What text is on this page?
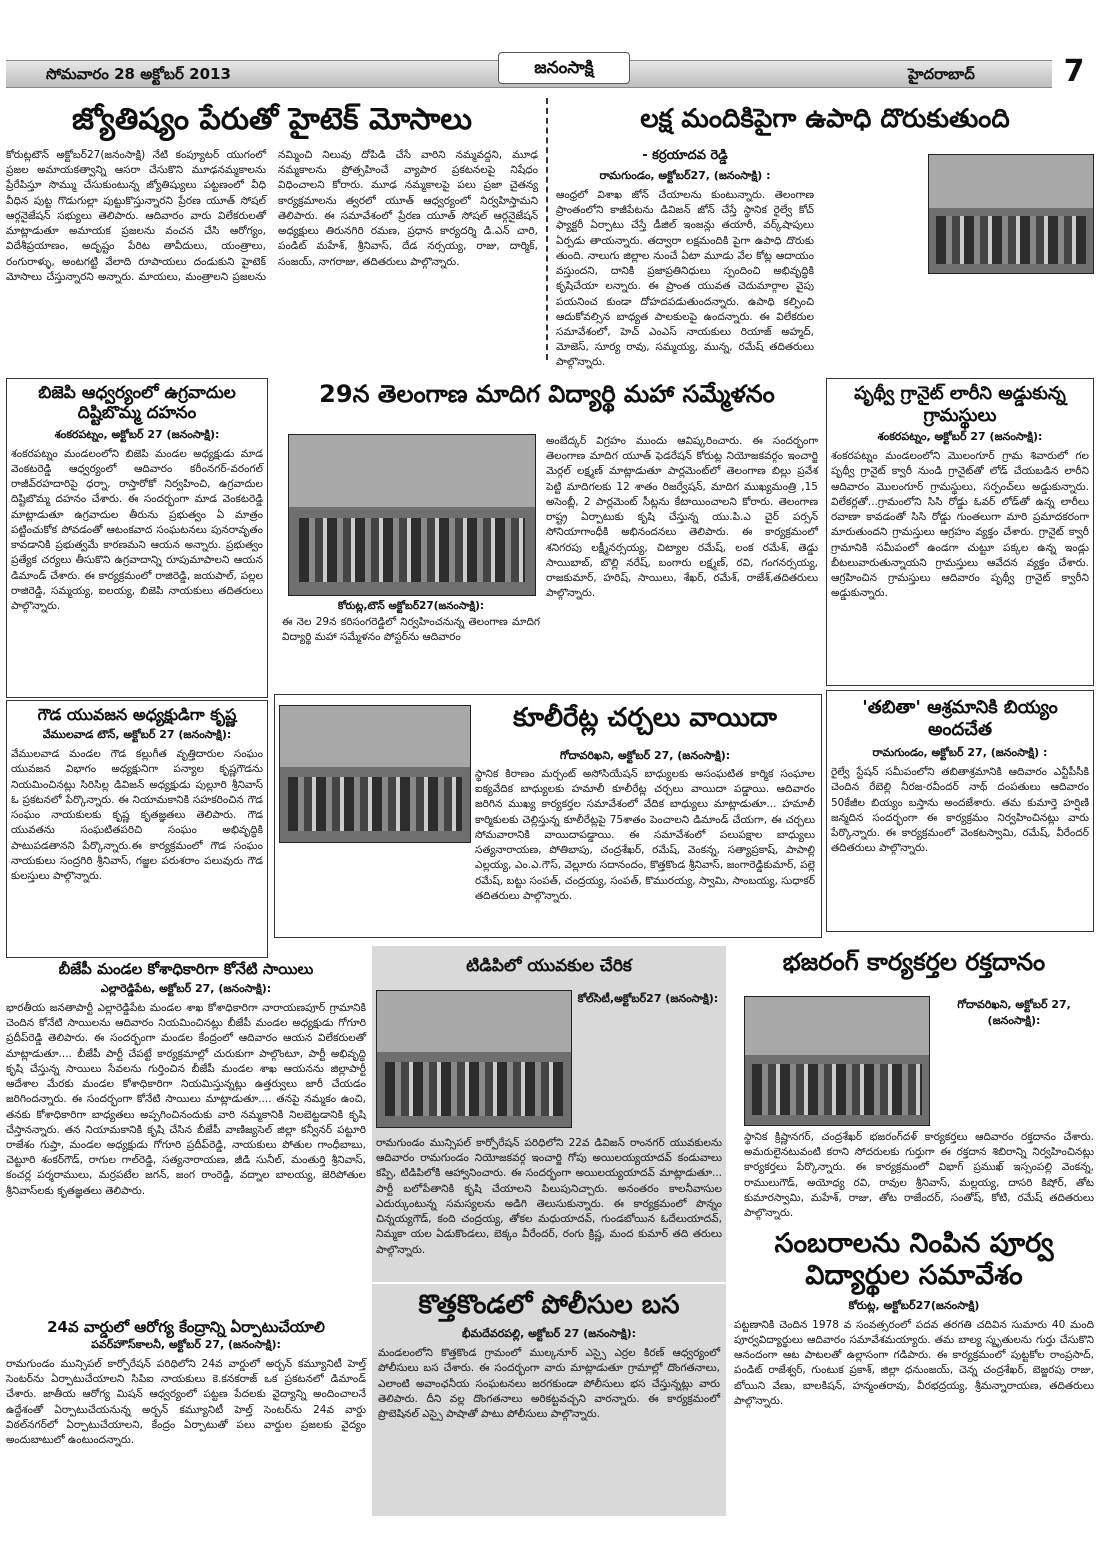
సోమవారం 28 అక్టోబర్ 2013	జనంసాక్షి	హైదరాబాద్	7
జ్యోతిష్యం పేరుతో హైటెక్ మోసాలు

కోరుట్లటౌన్ అక్టోబర్27(జనంసాక్షి) నేటి కంప్యూటర్ యుగంలో ప్రజల అమాయకత్వాన్ని ఆసరా చేసుకొని మూఢనమ్మకాలను ప్రేరేపిస్తూ సొమ్ము చేసుకుంటున్న జ్యోతిష్యులు పట్టణంలో వీధి వీధిన పుట్ట గొడుగుల్లా పుట్టుకొస్తున్నారని ప్రేరణ యూత్ సోషల్ ఆర్గనైజేషన్ సభ్యులు తెలిపారు. ఆదివారం వారు విలేకరులతో మాట్లాడుతూ అమాయక ప్రజలను వంచన చేసి ఆరోగ్యం, విదేశీప్రయాణం, అదృష్టం పేరిట తావీదులు, యంత్రాలు, రంగురాళ్ళు, అంటగట్టి వేలాది రూపాయలు దండుకుని హైటెక్ మోసాలు చేస్తున్నారని అన్నారు. మాయలు, మంత్రాలని ప్రజలను నమ్మించి నిలువు దోపిడి చేసే వారిని నమ్మవద్దని, మూఢ నమ్మకాలను ప్రోత్సహించే వ్యాపార ప్రకటనలపై నిషేధం విధించాలని కోరారు. మూఢ నమ్మకాలపై పలు ప్రజా చైతన్య కార్యక్రమాలను త్వరలో యూత్ ఆధ్వర్యంలో నిర్వహిస్తామని తెలిపారు. ఈ సమావేశంలో ప్రేరణ యూత్ సోషల్ ఆర్గనైజేషన్ అధ్యక్షులు తిరునగిరి రమణ, ప్రధాన కార్యదర్శి డి.ఎన్ చారి, పండిట్ మహేశ్, శ్రీనివాస్, దేడ నర్సయ్య, రాజు, దార్మిక్, సంజయ్, నాగరాజు, తదితరులు పాల్గొన్నారు.

లక్ష మందికిపైగా ఉపాధి దొరుకుతుంది
- కర్రయాదవ రెడ్డి
రామగుండం, అక్టోబర్27, (జనంసాక్షి) :

ఆంధ్రలో విశాఖ జోన్ చేయాలను కుంటున్నారు. తెలంగాణ ప్రాంతంలోని కాజీపేటను డివిజన్ జోన్ చేస్తే స్థానిక రైల్వే కోచ్ ఫ్యాక్టరీ ఏర్పాటు చేస్తే డీజిల్ ఇంజన్లు తయారీ, వర్క్‌షాపులు ఏర్పడు తాయన్నారు. తద్వారా లక్షమందికి పైగా ఉపాధి దొరుకు తుంది. నాలుగు జిల్లాల నుంచే ఏటా మూడు వేల కోట్ల ఆదాయం వస్తుందని, దానికి ప్రజాప్రతినిధులు స్పందించి అభివృద్ధికి కృషిచేయా లన్నారు. ఈ ప్రాంత యువత చెదుమార్గాల వైపు పయనించ కుండా దోహదపడుతుందన్నారు. ఉపాధి కల్పించి ఆదుకోవల్సిన బాధ్యత పాలకులపై ఉందన్నారు. ఈ విలేకరుల సమావేశంలో, హెచ్ ఎంఎస్ నాయకులు రియాజ్ అహ్మద్, మోజెస్, సూర్య రావు, సమ్మయ్య, మున్న, రమేష్ తదితరులు పాల్గొన్నారు.

బిజెపి ఆధ్వర్యంలో ఉగ్రవాదుల దిష్టిబొమ్మ దహనం
శంకరపట్నం, అక్టోబర్ 27 (జనంసాక్షి):

శంకరపట్నం మండలంలోని బిజెపి మండల అధ్యక్షుడు మాడ వెంకటరెడ్డి ఆధ్వర్యంలో ఆదివారం కరీంనగర్-వరంగల్ రాజీవ్‌రహదారిపై ధర్నా, రాస్తారోకో నిర్వహించి, ఉగ్రవాదుల దిష్టిబొమ్మ దహనం చేశారు. ఈ సందర్భంగా మాడ వెంకటరెడ్డి మాట్లాడుతూ ఉగ్రవాదుల తీరును ప్రభుత్వం ఏ మాత్రం పట్టించుకోక పోవడంతో ఆటంకవాద సంఘటనలు పునరావృతం కావడానికి ప్రభుత్వమే కారణమని ఆయన అన్నారు. ప్రభుత్వం ప్రత్యేక చర్యలు తీసుకొని ఉగ్రవాదాన్ని రూపుమాపాలని ఆయన డిమాండ్ చేశారు. ఈ కార్యక్రమంలో రాజిరెడ్డి, జయపాల్, పల్లల రాజిరెడ్డి, సమ్మయ్య, ఐలయ్య, బిజెపి నాయకులు తదితరులు పాల్గొన్నారు.

29న తెలంగాణ మాదిగ విద్యార్థి మహా సమ్మేళనం
కోరుట్ల,టౌన్ అక్టోబర్27(జనంసాక్షి):

ఈ నెల 29న కరిసంగరెడ్డిలో నిర్వహించనున్న తెలంగాణ మాదిగ విద్యార్థి మహా సమ్మేళనం పోస్టర్‌ను ఆదివారం

అంబేద్కర్ విగ్రహం ముందు ఆవిష్కరించారు. ఈ సందర్భంగా తెలంగాణ మాదిగ యూత్ ఫెడరేషన్ కోరుట్ల నియోజకవర్గం ఇంచార్జి మెర్గల్ లక్ష్మణ్ మాట్లాడుతూ పార్లమెంట్‌లో తెలంగాణ బిల్లు ప్రవేశ పెట్టి మాదిగలకు 12 శాతం రిజర్వేషన్, మాదిగ ముఖ్యమంత్రి ,15 అసెంబ్లీ, 2 పార్లమెంట్ సీట్లను కేటాయించాలని కోరారు. తెలంగాణ రాష్ట్ర ఏర్పాటుకు కృషి చేస్తున్న యు.పి.ఎ చైర్ పర్సన్ సోనియాగాంధీకి అభినందనలు తెలిపారు. ఈ కార్యక్రమంలో శనిగరపు లక్ష్మీనర్సయ్య, చిట్యాల రమేష్, లంక రమేశ్, తెడ్డు సాయిబాబ్, బొల్లి నరేష్, బంగారు లక్ష్మణ్, రవి, గంగనర్సయ్య, రాజకుమార్, హరిష్, సాయిలు, శేఖర్, రమేశ్, రాజేశ్,తదితరులు పాల్గొన్నారు.

పృథ్వీ గ్రానైట్ లారీని అడ్డుకున్న గ్రామస్థులు
శంకరపట్నం, అక్టోబర్ 27 (జనంసాక్షి):

శంకరపట్నం మండలంలోని మొలంగూర్ గ్రామ శివారులో గల పృథ్వీ గ్రానైట్ క్వారీ నుండి గ్రానైట్‌తో లోడ్ చేయబడిన లారీని ఆదివారం మొలంగూర్ గ్రామస్థులు, సర్పంచ్‌లు అడ్డుకున్నారు. విలేకర్లతో...గ్రామంలోని సిసి రోడ్డు ఓవర్ లోడ్‌తో ఉన్న లారీలు రవాణా కావడంతో సిసి రోడ్డు గుంతలుగా మారి ప్రమాదకరంగా మారుతుందని గ్రామస్తులు ఆగ్రహం వ్యక్తం చేశారు. గ్రానైట్ క్వారీ గ్రామానికి సమీపంలో ఉండగా చుట్టూ పక్కల ఉన్న ఇండ్లు బీటలువారుతున్నాయని గ్రామస్తులు ఆవేదన వ్యక్తం చేశారు. ఆగ్రహించిన గ్రామస్తులు ఆదివారం పృథ్వీ గ్రానైట్ క్వారీని అడ్డుకున్నారు.

గౌడ యువజన అధ్యక్షుడిగా కృష్ణ
వేములవాడ టౌన్, అక్టోబర్ 27 (జనంసాక్షి):

వేములవాడ మండల గౌడ కల్లుగీత వృత్తిదారుల సంఘం యువజన విభాగం అధ్యక్షునిగా పన్యాల కృష్ణగౌడను నియమించినట్లు సిరిసిల్ల డివిజన్ అధ్యక్షుడు పుల్లూరి శ్రీనివాస్ ఓ ప్రకటనలో పేర్కొన్నారు. ఈ నియామకానికి సహకరించిన గౌడ సంఘం నాయకులకు కృష్ణ కృతజ్ఞతలు తెలిపారు. గౌడ యువతను సంఘటితపరిచి సంఘం అభివృద్ధికి పాటుపడతానని పేర్కొన్నారు.ఈ కార్యక్రమంలో గౌడ సంఘం నాయకులు సంద్రగిరి శ్రీనివాస్, గజ్జల పరుశరాం పలువురు గౌడ కులస్తులు పాల్గొన్నారు.

కూలీరేట్ల చర్చలు వాయిదా
గోదావరిఖని, అక్టోబర్ 27, (జనంసాక్షి):

స్థానిక కిరాణం మర్చంట్ అసోసియేషన్ బాధ్యులకు అసంఘటిత కార్మిక సంఘాల ఐక్యవేదిక బాధ్యులకు హమాలీ కూలీరేట్ల చర్చలు వాయిదా పడ్డాయి. ఆదివారం జరిగిన ముఖ్య కార్యకర్తల సమావేశంలో వేదిక బాధ్యులు మాట్లాడుతూ... హమాలీ కార్మికులకు చెల్లిస్తున్న కూలీరేట్లపై 75శాతం పెంచాలని డిమాండ్ చేయగా, ఈ చర్చలు సోమవారానికి వాయిదాపడ్డాయి. ఈ సమావేశంలో పలుపక్షాల బాధ్యులు సత్యనారాయణ, పోతిబాపు, చంద్రశేఖర్, రమేష్, వెంకన్న, సత్యాప్రకాష్, పాపాల్లి ఎల్లయ్య, ఎం.ఎ.గౌస్, వెల్లూరు సదానందం, కొత్తకొండ శ్రీనివాస్, జంగారెడ్డికుమార్, పల్లె రమేష్, బట్టు సంపత్, చంద్రయ్య, సంపత్, కొమురయ్య, స్వామి, సాంబయ్య, సుధాకర్ తదితరులు పాల్గొన్నారు.

'తబితా' ఆశ్రమానికి బియ్యం అందచేత
రామగుండం, అక్టోబర్ 27, (జనంసాక్షి) :

రైల్వే స్టేషన్ సమీపంలోని తబితాశ్రమానికి ఆదివారం ఎన్టీపీసీకి చెందిన రేబెల్లి నీరజ-రవీందర్ నాథ్ దంపతులు ఆదివారం 50కేజీల బియ్యం బస్తాను అందజేశారు. తమ కుమార్తె హర్షిణి జన్మదిన సందర్భంగా ఈ కార్యక్రమం నిర్వహించినట్లు వారు పేర్కొన్నారు. ఈ కార్యక్రమంలో వెంకటస్వామి, రమేష్, వీరేందర్ తదితరులు పాల్గొన్నారు.

బీజేపీ మండల కోశాధికారిగా కోనేటి సాయిలు
ఎల్లారెడ్డిపేట, అక్టోబర్ 27, (జనంసాక్షి):

భారతీయ జనతాపార్టీ ఎల్లారెడ్డిపేట మండల శాఖ కోశాధికారిగా నారాయణపూర్ గ్రామానికి చెందిన కోనేటి సాయిలను ఆదివారం నియమించినట్లు బీజేపీ మండల అధ్యక్షుడు గోగూరి ప్రదీప్‌రెడ్డి తెలిపారు. ఈ సందర్భంగా మండల కేంద్రంలో ఆదివారం ఆయన విలేకరులతో మాట్లాడుతూ.... బీజేపీ పార్టీ చేపట్టే కార్యక్రమాల్లో చురుకుగా పాల్గొంటూ, పార్టీ అభివృద్ధి కృషి చేస్తున్న సాయిలు సేవలను గుర్తించిన బీజేపీ మండల శాఖ ఆయనను జిల్లాపార్టీ ఆదేశాల మేరకు మండల కోశాధికారిగా నియమిస్తున్నట్లు ఉత్తర్వులు జారీ చేయడం జరిగిందన్నారు. ఈ సందర్భంగా కోనేటి సాయిలు మాట్లాడుతూ.... తనపై నమ్మకం ఉంచి, తనకు కోశాధికారిగా బాధ్యతలు అప్పగించినందుకు వారి నమ్మకానికి నిలబెట్టడానికి కృషి చేస్తానన్నారు. తన నియామకానికి కృషి చేసిన బీజేపీ వాణిజ్యసెల్ జిల్లా కన్వీనర్ పట్టూరి రాజేశం గుప్తా, మండల అధ్యక్షుడు గోగూరి ప్రదీప్‌రెడ్డి, నాయకులు పోతుల గాంధీబాబు, చెట్టూరి శంకర్‌గౌడ్, రాగుల గాల్‌రెడ్డి, సత్యనారాయణ, జీడి సునీల్, మంతుర్తి శ్రీనివాస్, కంచర్ల పర్శరాములు, మర్రపటేల జగన్, జంగ రాంరెడ్డి, వద్నాల బాలయ్య, జెరిపోతుల శ్రీనివాస్‌లకు కృతజ్ఞతలు తెలిపారు.

24వ వార్డులో ఆరోగ్య కేంద్రాన్ని ఏర్పాటుచేయాలి
పవర్‌హౌస్‌కాలనీ, అక్టోబర్ 27, (జనంసాక్షి):

రామగుండం మున్సిపల్ కార్పోరేషన్ పరిధిలోని 24వ వార్డులో అర్బన్ కమ్యూనిటీ హెల్త్ సెంటర్‌ను ఏర్పాటుచేయాలని సిపిఐ నాయకులు కె.కనకరాజ్ ఒక ప్రకటనలో డిమాండ్ చేశారు. జాతీయ ఆరోగ్య మిషన్ ఆధ్వర్యంలో పట్టణ పేదలకు వైద్యాన్ని అందించాలనే ఉద్దేశంతో ఏర్పాటుచేయనున్న అర్బన్ కమ్యూనిటీ హెల్త్ సెంటర్‌ను 24వ వార్డు విఠల్‌నగర్‌లో ఏర్పాటుచేయాలని, కేంద్రం ఏర్పాటుతో పలు వార్డుల ప్రజలకు వైద్యం అందుబాటులో ఉంటుందన్నారు.

టిడిపిలో యువకుల చేరిక
కోల్‌సిటీ,అక్టోబర్27 (జనంసాక్షి):

రామగుండం మున్సిపల్ కార్పోరేషన్ పరిధిలోని 22వ డివిజన్ రాంనగర్ యువకులను ఆదివారం రామగుండం నియోజకవర్గ ఇంచార్జి గోపు అయిలయ్యయాదవ్ కండువాలు కప్పి, టిడిపిలోకి ఆహ్వానించారు. ఈ సందర్భంగా అయిలయ్యయాదవ్ మాట్లాడుతూ... పార్టీ బలోపేతానికి కృషి చేయాలని పిలుపునిచ్చారు. అనంతరం కాలనీవాసుల ఎదుర్కుంటున్న సమస్యలను అడిగి తెలుసుకున్నారు. ఈ కార్యక్రమంలో పొన్నం చిన్నయ్యగౌడ్, కంది చంద్రయ్య, తోకల మధుయాదవ్, గుండబోయిన ఓదేలుయాదవ్, నిమ్మకా యల ఏడుకొండలు, బెక్కం వీరేందర్, రంగు క్రిష్ణ, మంద కుమార్ తది తరులు పాల్గొన్నారు.

కొత్తకొండలో పోలీసుల బస
భీమదేవరపల్లి, అక్టోబర్ 27 (జనంసాక్షి):

మండలంలోని కొత్తకొండ గ్రామంలో ముల్కనూర్ ఎస్సై ఎర్రల కిరణ్ ఆధ్వర్యంలో పోలీసులు బస చేశారు. ఈ సందర్భంగా వారు మాట్లాడుతూ గ్రామాల్లో దొంగతనాలు, ఎలాంటి అవాంఛనీయ సంఘటనలు జరగకుండా పోలీసులు భస చేస్తున్నట్లు వారు తెలిపారు. దీని వల్ల దొంగతనాలు అరికట్టవచ్చని వారన్నారు. ఈ కార్యక్రమంలో ప్రొబెషినల్ ఎస్సై పాషాతో పాటు పోలీసులు పాల్గొన్నారు.

భజరంగ్ కార్యకర్తల రక్తదానం
గోదావరిఖని, అక్టోబర్ 27, (జనంసాక్షి):

స్థానిక క్రిష్ణానగర్, చంద్రశేఖర్ భజరంగ్‌దళ్ కార్యకర్తలు ఆదివారం రక్తదానం చేశారు. అమరులైనటువంటి కరాని సోదరులకు గుర్తుగా ఈ రక్తదాన శిబిరాన్ని నిర్వహించినట్లు కార్యకర్తలు పేర్కొన్నారు. ఈ కార్యక్రమంలో విభాగ్ ప్రముఖ్ ఇస్సంపల్లి వెంకన్న, రాములుగౌడ్, అయోధ్య రవి, రావుల శ్రీనివాస్, మల్లయ్య, దాసరి కిషోర్, తోట కుమారస్వామి, మహేశ్, రాజు, తోట రాజేందర్, సంతోష్, కోటి, రమేష్ తదితరులు పాల్గొన్నారు.

సంబరాలను నింపిన పూర్వ విద్యార్థుల సమావేశం
కోరుట్ల, అక్టోబర్27(జనంసాక్షి)

పట్టణానికి చెందిన 1978 వ సంవత్సరంలో పదవ తరగతి చదివిన సుమారు 40 మంది పూర్వవిద్యార్థులు ఆదివారం సమావేశమయ్యారు. తమ బాల్య స్మృతులను గుర్తు చేసుకొని ఆనందంగా ఆట పాటలతో ఉల్లాసంగా గడిపారు. ఈ కార్యక్రమంలో పుట్టకోల రాంప్రసాద్, పండిట్ రాజేశ్వర్, గుంటుక ప్రకాశ్, జిల్లా ధనుంజయ్, చెన్న చంద్రశేఖర్, బెజ్జరపు రాజు, బోయిని వేణు, బాలకిషన్, హన్మంతరావు, వీరభద్రయ్య, శ్రీమన్నారాయణ, తదితరులు పాల్గొన్నారు.
